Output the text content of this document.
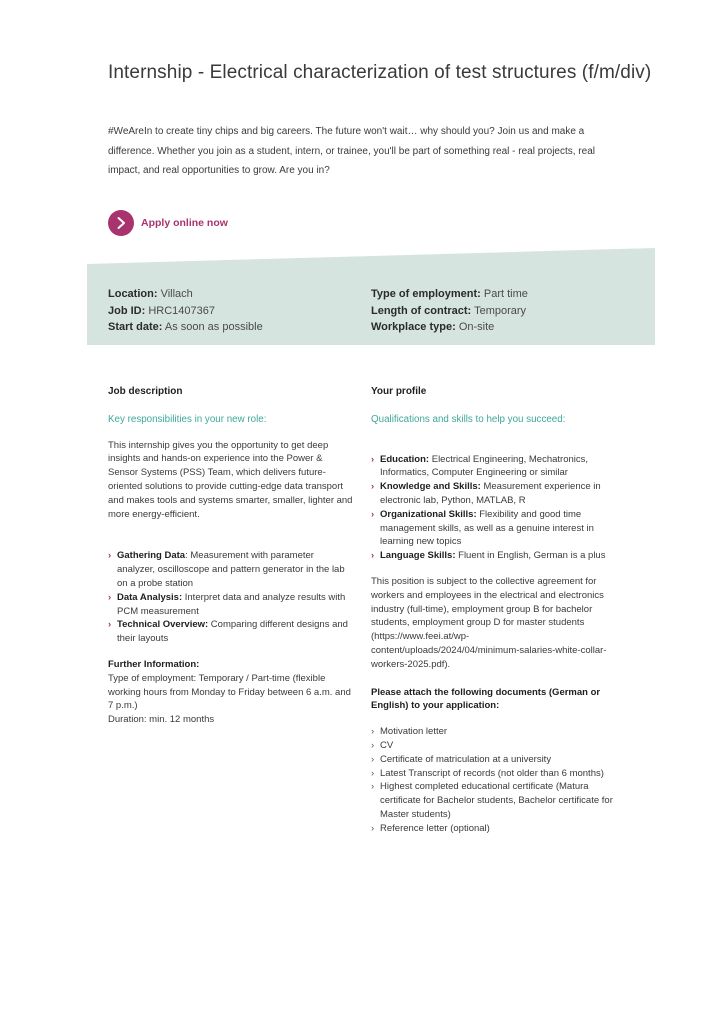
Internship - Electrical characterization of test structures (f/m/div)

#WeAreIn to create tiny chips and big careers. The future won't wait… why should you? Join us and make a difference. Whether you join as a student, intern, or trainee, you'll be part of something real - real projects, real impact, and real opportunities to grow. Are you in?

Apply online now
Location: Villach
Job ID: HRC1407367
Start date: As soon as possible
Type of employment: Part time
Length of contract: Temporary
Workplace type: On-site

Job description

Key responsibilities in your new role:

This internship gives you the opportunity to get deep insights and hands-on experience into the Power & Sensor Systems (PSS) Team, which delivers future-oriented solutions to provide cutting-edge data transport and makes tools and systems smarter, smaller, lighter and more energy-efficient.

› Gathering Data: Measurement with parameter analyzer, oscilloscope and pattern generator in the lab on a probe station
› Data Analysis: Interpret data and analyze results with PCM measurement
› Technical Overview: Comparing different designs and their layouts

Further Information:

Type of employment: Temporary / Part-time (flexible working hours from Monday to Friday between 6 a.m. and 7 p.m.)

Duration: min. 12 months

Your profile

Qualifications and skills to help you succeed:

› Education: Electrical Engineering, Mechatronics, Informatics, Computer Engineering or similar
› Knowledge and Skills: Measurement experience in electronic lab, Python, MATLAB, R
› Organizational Skills: Flexibility and good time management skills, as well as a genuine interest in learning new topics
› Language Skills: Fluent in English, German is a plus

This position is subject to the collective agreement for workers and employees in the electrical and electronics industry (full-time), employment group B for bachelor students, employment group D for master students (https://www.feei.at/wp-content/uploads/2024/04/minimum-salaries-white-collar-workers-2025.pdf).

Please attach the following documents (German or English) to your application:

› Motivation letter
› CV
› Certificate of matriculation at a university
› Latest Transcript of records (not older than 6 months)
› Highest completed educational certificate (Matura certificate for Bachelor students, Bachelor certificate for Master students)
› Reference letter (optional)
